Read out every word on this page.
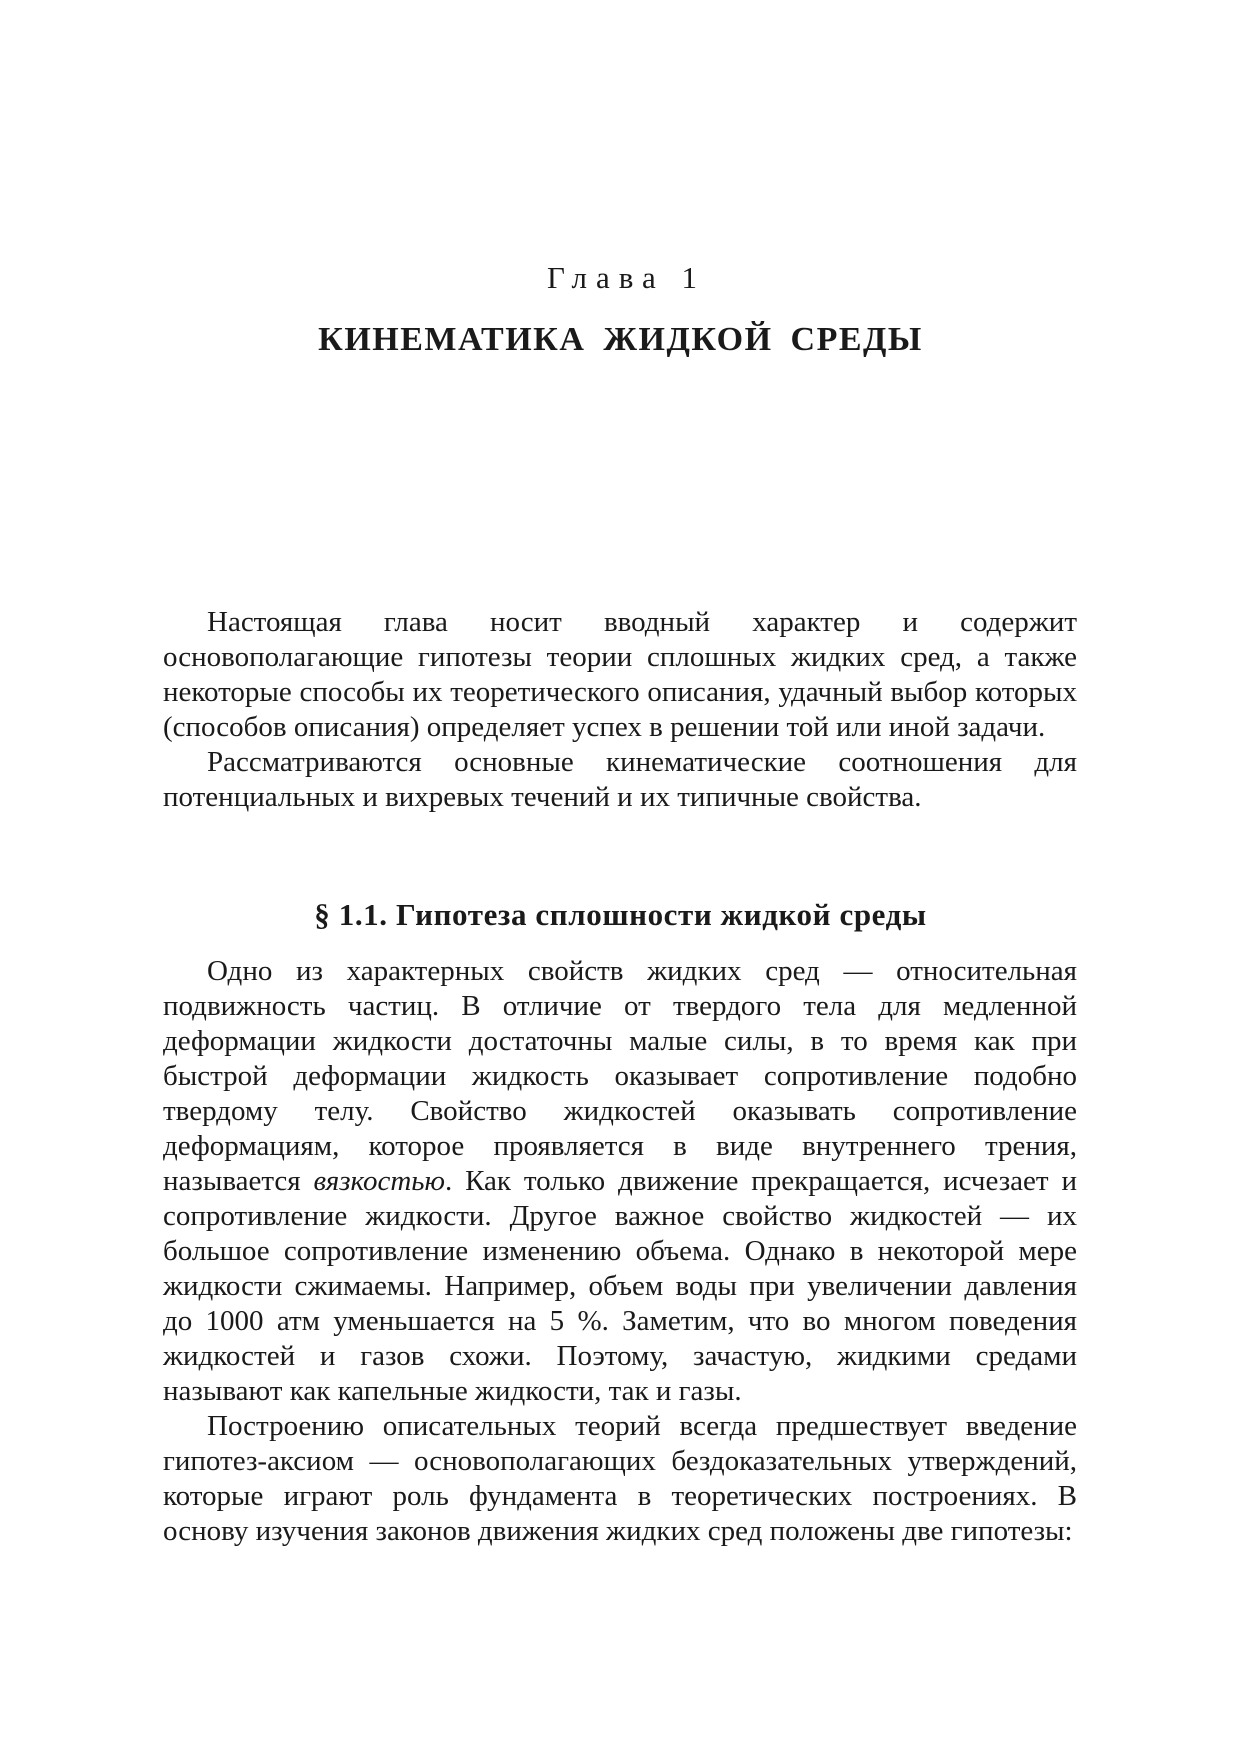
Глава 1
КИНЕМАТИКА ЖИДКОЙ СРЕДЫ

Настоящая глава носит вводный характер и содержит основополагающие гипотезы теории сплошных жидких сред, а также некоторые способы их теоретического описания, удачный выбор которых (способов описания) определяет успех в решении той или иной задачи.

Рассматриваются основные кинематические соотношения для потенциальных и вихревых течений и их типичные свойства.

§ 1.1. Гипотеза сплошности жидкой среды

Одно из характерных свойств жидких сред — относительная подвижность частиц. В отличие от твердого тела для медленной деформации жидкости достаточны малые силы, в то время как при быстрой деформации жидкость оказывает сопротивление подобно твердому телу. Свойство жидкостей оказывать сопротивление деформациям, которое проявляется в виде внутреннего трения, называется вязкостью. Как только движение прекращается, исчезает и сопротивление жидкости. Другое важное свойство жидкостей — их большое сопротивление изменению объема. Однако в некоторой мере жидкости сжимаемы. Например, объем воды при увеличении давления до 1000 атм уменьшается на 5 %. Заметим, что во многом поведения жидкостей и газов схожи. Поэтому, зачастую, жидкими средами называют как капельные жидкости, так и газы.

Построению описательных теорий всегда предшествует введение гипотез-аксиом — основополагающих бездоказательных утверждений, которые играют роль фундамента в теоретических построениях. В основу изучения законов движения жидких сред положены две гипотезы:
